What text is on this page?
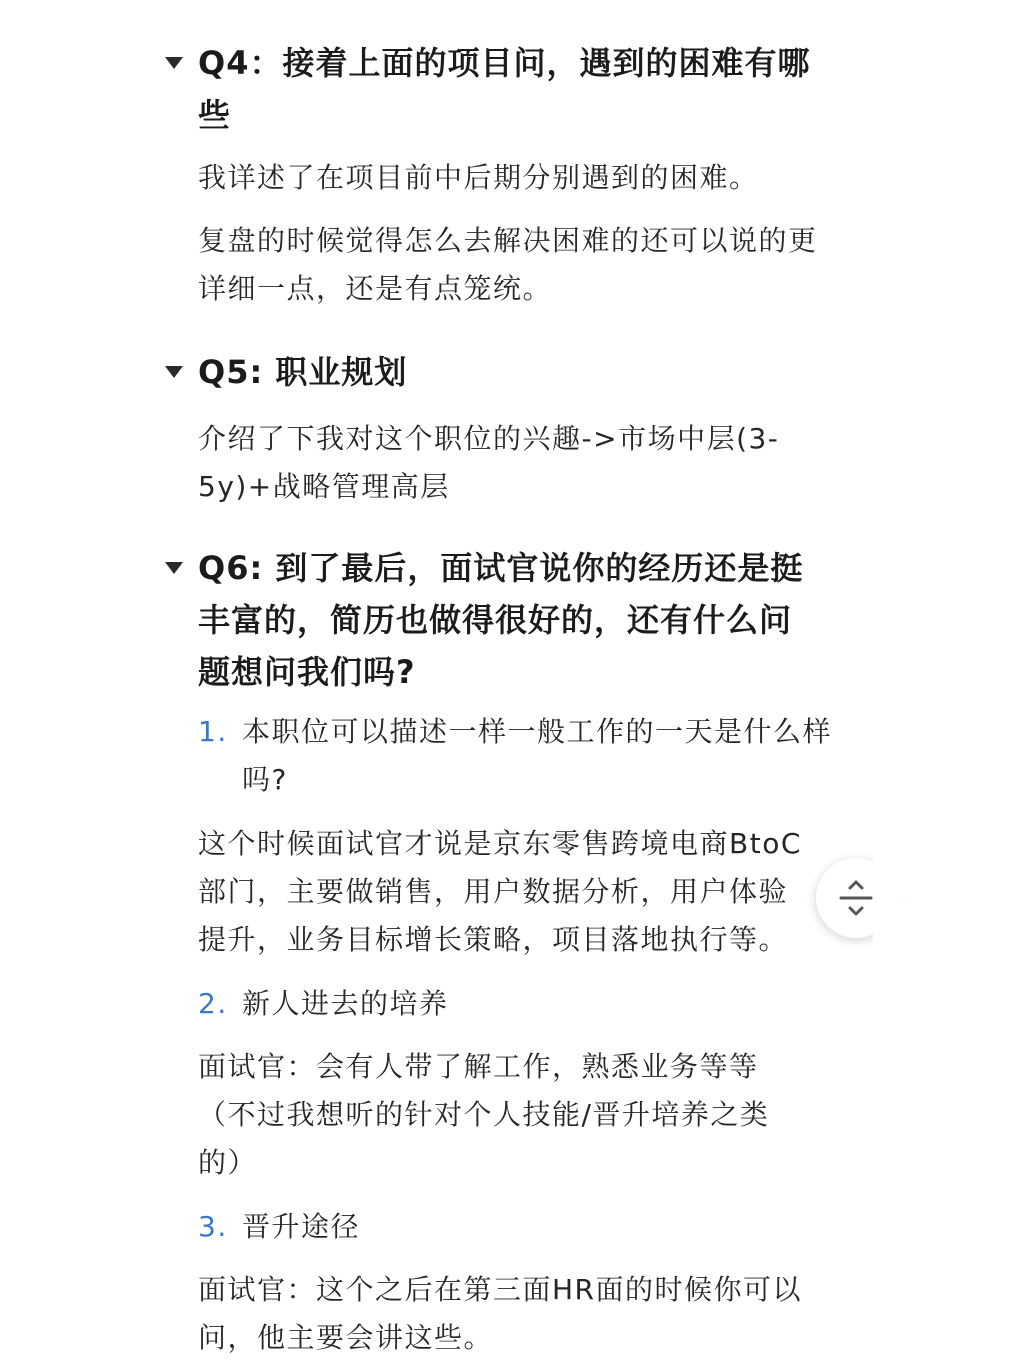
Q4：接着上面的项目问，遇到的困难有哪些
我详述了在项目前中后期分别遇到的困难。
复盘的时候觉得怎么去解决困难的还可以说的更详细一点，还是有点笼统。
Q5: 职业规划
介绍了下我对这个职位的兴趣->市场中层(3-5y)+战略管理高层
Q6: 到了最后，面试官说你的经历还是挺丰富的，简历也做得很好的，还有什么问题想问我们吗?
1. 本职位可以描述一样一般工作的一天是什么样吗?
这个时候面试官才说是京东零售跨境电商BtoC部门，主要做销售，用户数据分析，用户体验提升，业务目标增长策略，项目落地执行等。
2. 新人进去的培养
面试官：会有人带了解工作，熟悉业务等等（不过我想听的针对个人技能/晋升培养之类的）
3. 晋升途径
面试官：这个之后在第三面HR面的时候你可以问，他主要会讲这些。
